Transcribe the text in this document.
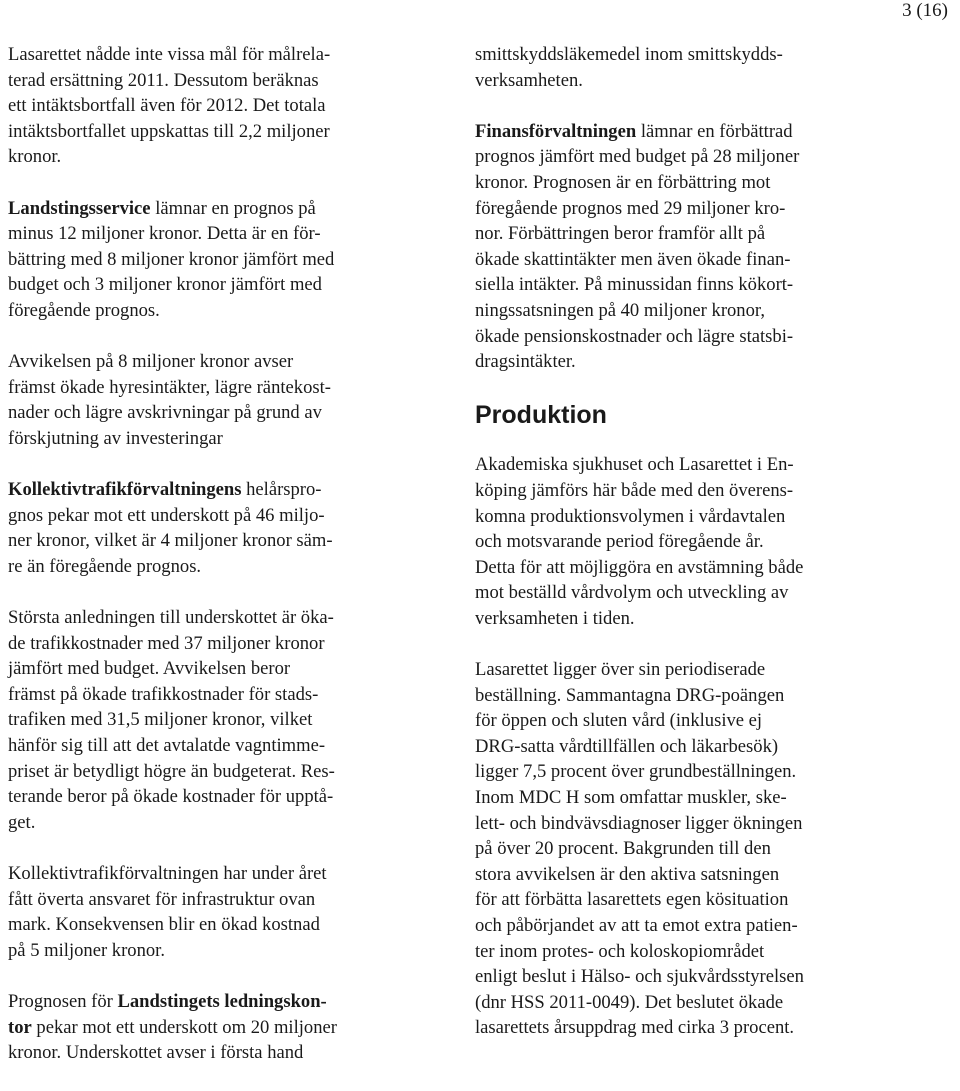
3 (16)

Lasarettet nådde inte vissa mål för målrela-
terad ersättning 2011. Dessutom beräknas
ett intäktsbortfall även för 2012. Det totala
intäktsbortfallet uppskattas till 2,2 miljoner
kronor.

Landstingsservice lämnar en prognos på
minus 12 miljoner kronor. Detta är en för-
bättring med 8 miljoner kronor jämfört med
budget och 3 miljoner kronor jämfört med
föregående prognos.

Avvikelsen på 8 miljoner kronor avser
främst ökade hyresintäkter, lägre räntekost-
nader och lägre avskrivningar på grund av
förskjutning av investeringar

Kollektivtrafikförvaltningens helårspro-
gnos pekar mot ett underskott på 46 miljo-
ner kronor, vilket är 4 miljoner kronor säm-
re än föregående prognos.

Största anledningen till underskottet är öka-
de trafikkostnader med 37 miljoner kronor
jämfört med budget. Avvikelsen beror
främst på ökade trafikkostnader för stads-
trafiken med 31,5 miljoner kronor, vilket
hänför sig till att det avtalatde vagntimme-
priset är betydligt högre än budgeterat. Res-
terande beror på ökade kostnader för upptå-
get.

Kollektivtrafikförvaltningen har under året
fått överta ansvaret för infrastruktur ovan
mark. Konsekvensen blir en ökad kostnad
på 5 miljoner kronor.

Prognosen för Landstingets ledningskon-
tor pekar mot ett underskott om 20 miljoner
kronor. Underskottet avser i första hand

smittskyddsläkemedel inom smittskydds-
verksamheten.

Finansförvaltningen lämnar en förbättrad
prognos jämfört med budget på 28 miljoner
kronor. Prognosen är en förbättring mot
föregående prognos med 29 miljoner kro-
nor. Förbättringen beror framför allt på
ökade skattintäkter men även ökade finan-
siella intäkter. På minussidan finns kökort-
ningssatsningen på 40 miljoner kronor,
ökade pensionskostnader och lägre statsbi-
dragsintäkter.

Produktion

Akademiska sjukhuset och Lasarettet i En-
köping jämförs här både med den överens-
komna produktionsvolymen i vårdavtalen
och motsvarande period föregående år.
Detta för att möjliggöra en avstämning både
mot beställd vårdvolym och utveckling av
verksamheten i tiden.

Lasarettet ligger över sin periodiserade
beställning. Sammantagna DRG-poängen
för öppen och sluten vård (inklusive ej
DRG-satta vårdtillfällen och läkarbesök)
ligger 7,5 procent över grundbeställningen.
Inom MDC H som omfattar muskler, ske-
lett- och bindvävsdiagnoser ligger ökningen
på över 20 procent. Bakgrunden till den
stora avvikelsen är den aktiva satsningen
för att förbätta lasarettets egen kösituation
och påbörjandet av att ta emot extra patien-
ter inom protes- och koloskopiområdet
enligt beslut i Hälso- och sjukvårdsstyrelsen
(dnr HSS 2011-0049). Det beslutet ökade
lasarettets årsuppdrag med cirka 3 procent.
